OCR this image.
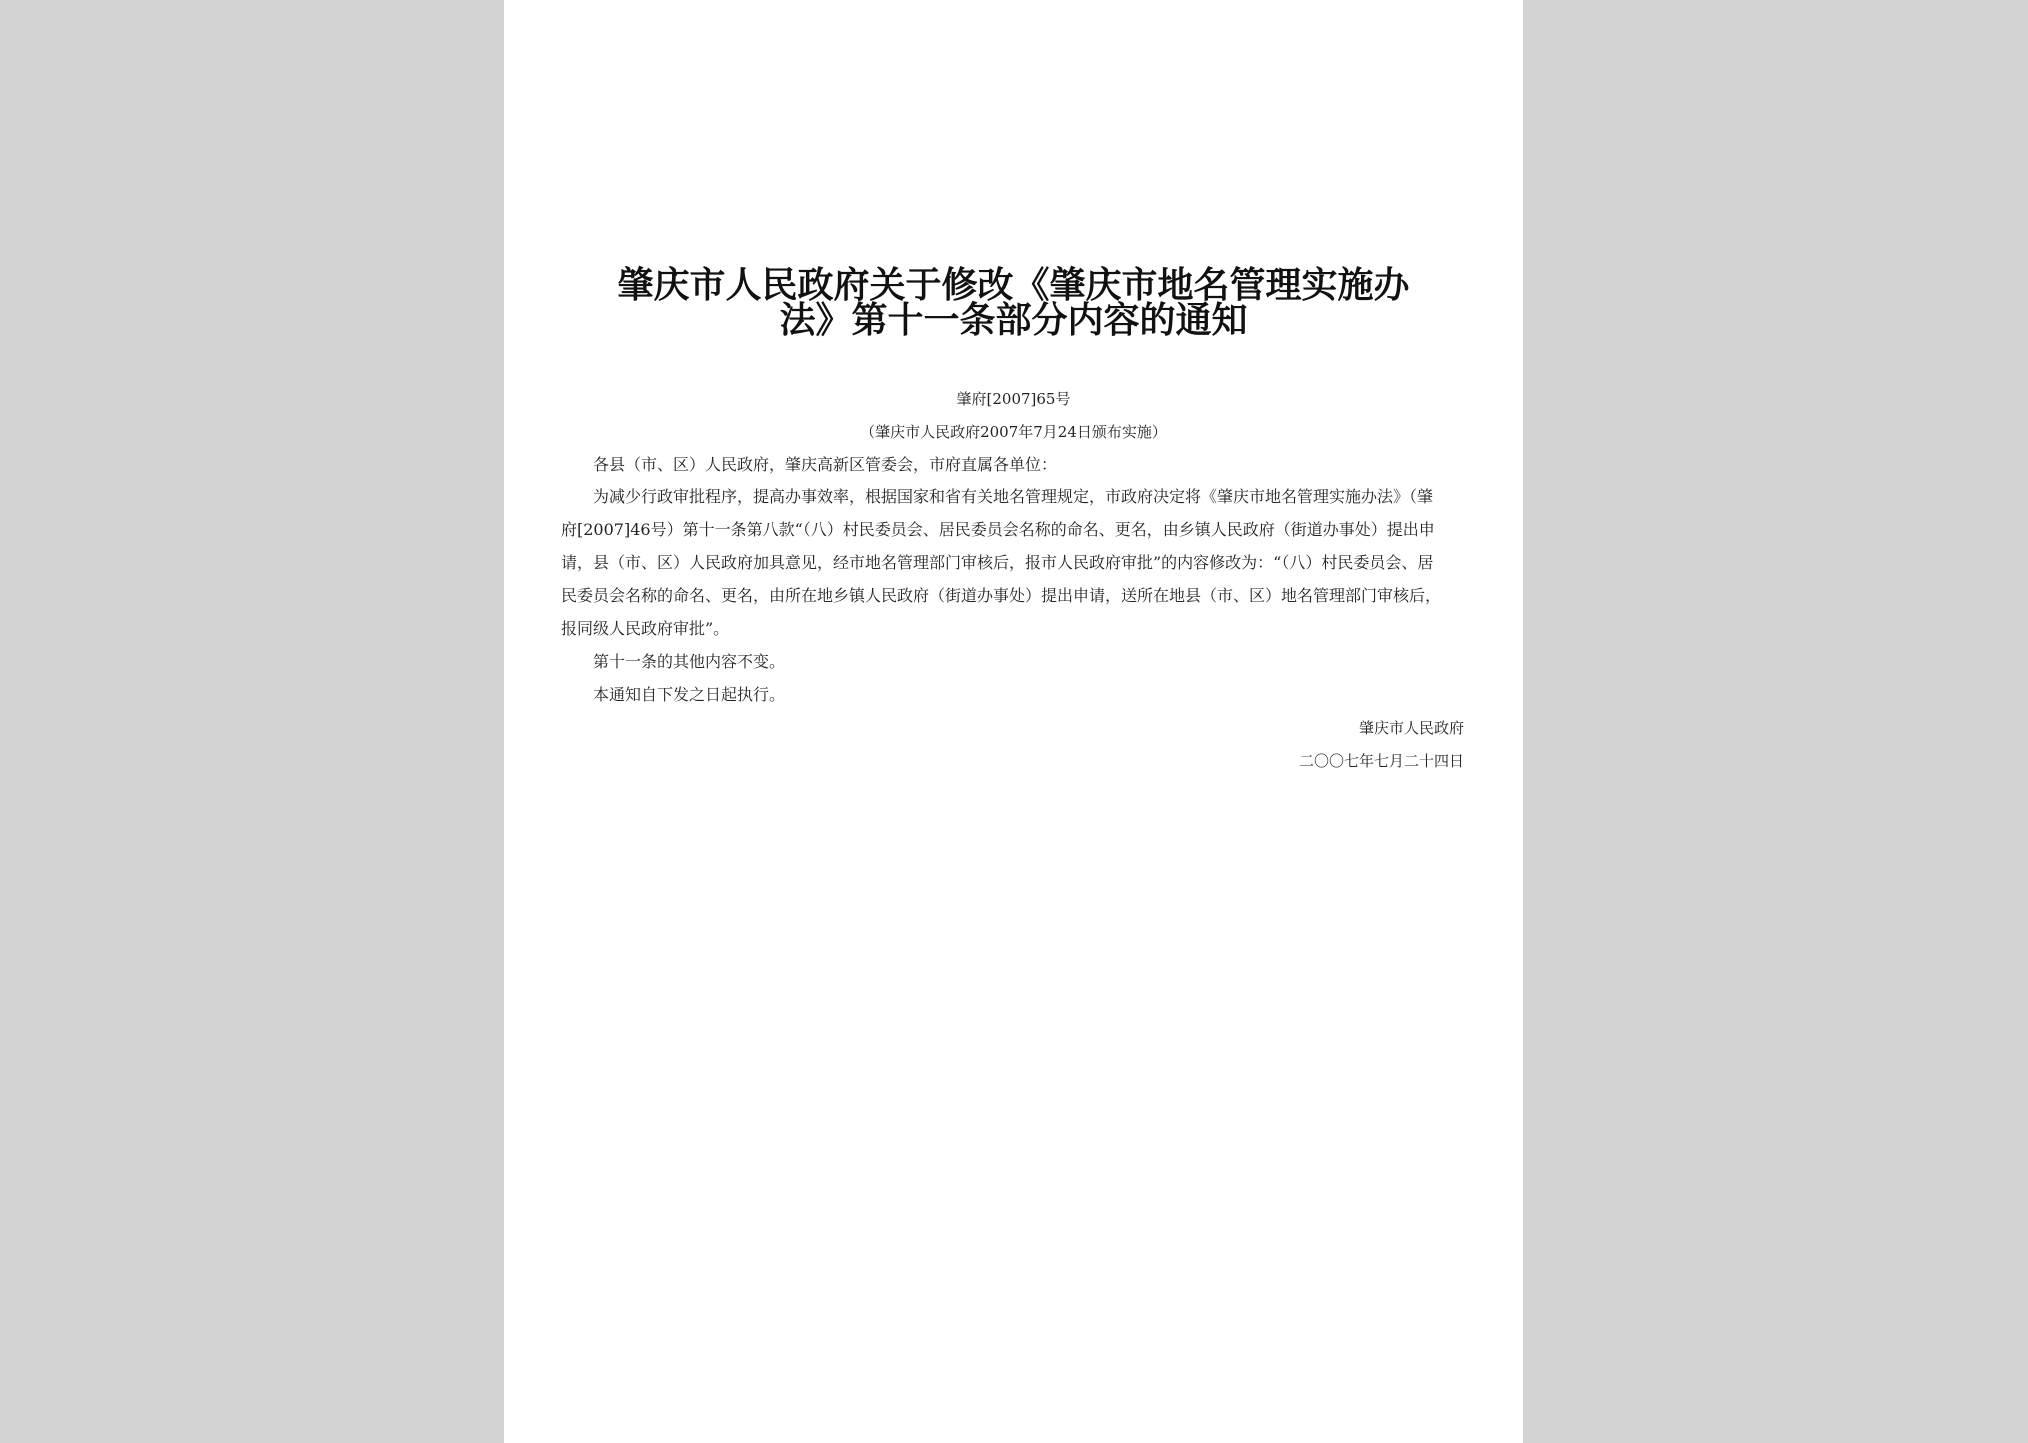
肇庆市人民政府关于修改《肇庆市地名管理实施办
法》第十一条部分内容的通知
肇府[2007]65号
（肇庆市人民政府2007年7月24日颁布实施）
各县（市、区）人民政府，肇庆高新区管委会，市府直属各单位：
为减少行政审批程序，提高办事效率，根据国家和省有关地名管理规定，市政府决定将《肇庆市地名管理实施办法》（肇
府[2007]46号）第十一条第八款“（八）村民委员会、居民委员会名称的命名、更名，由乡镇人民政府（街道办事处）提出申
请，县（市、区）人民政府加具意见，经市地名管理部门审核后，报市人民政府审批”的内容修改为：“（八）村民委员会、居
民委员会名称的命名、更名，由所在地乡镇人民政府（街道办事处）提出申请，送所在地县（市、区）地名管理部门审核后，
报同级人民政府审批”。
第十一条的其他内容不变。
本通知自下发之日起执行。
肇庆市人民政府
二〇〇七年七月二十四日
